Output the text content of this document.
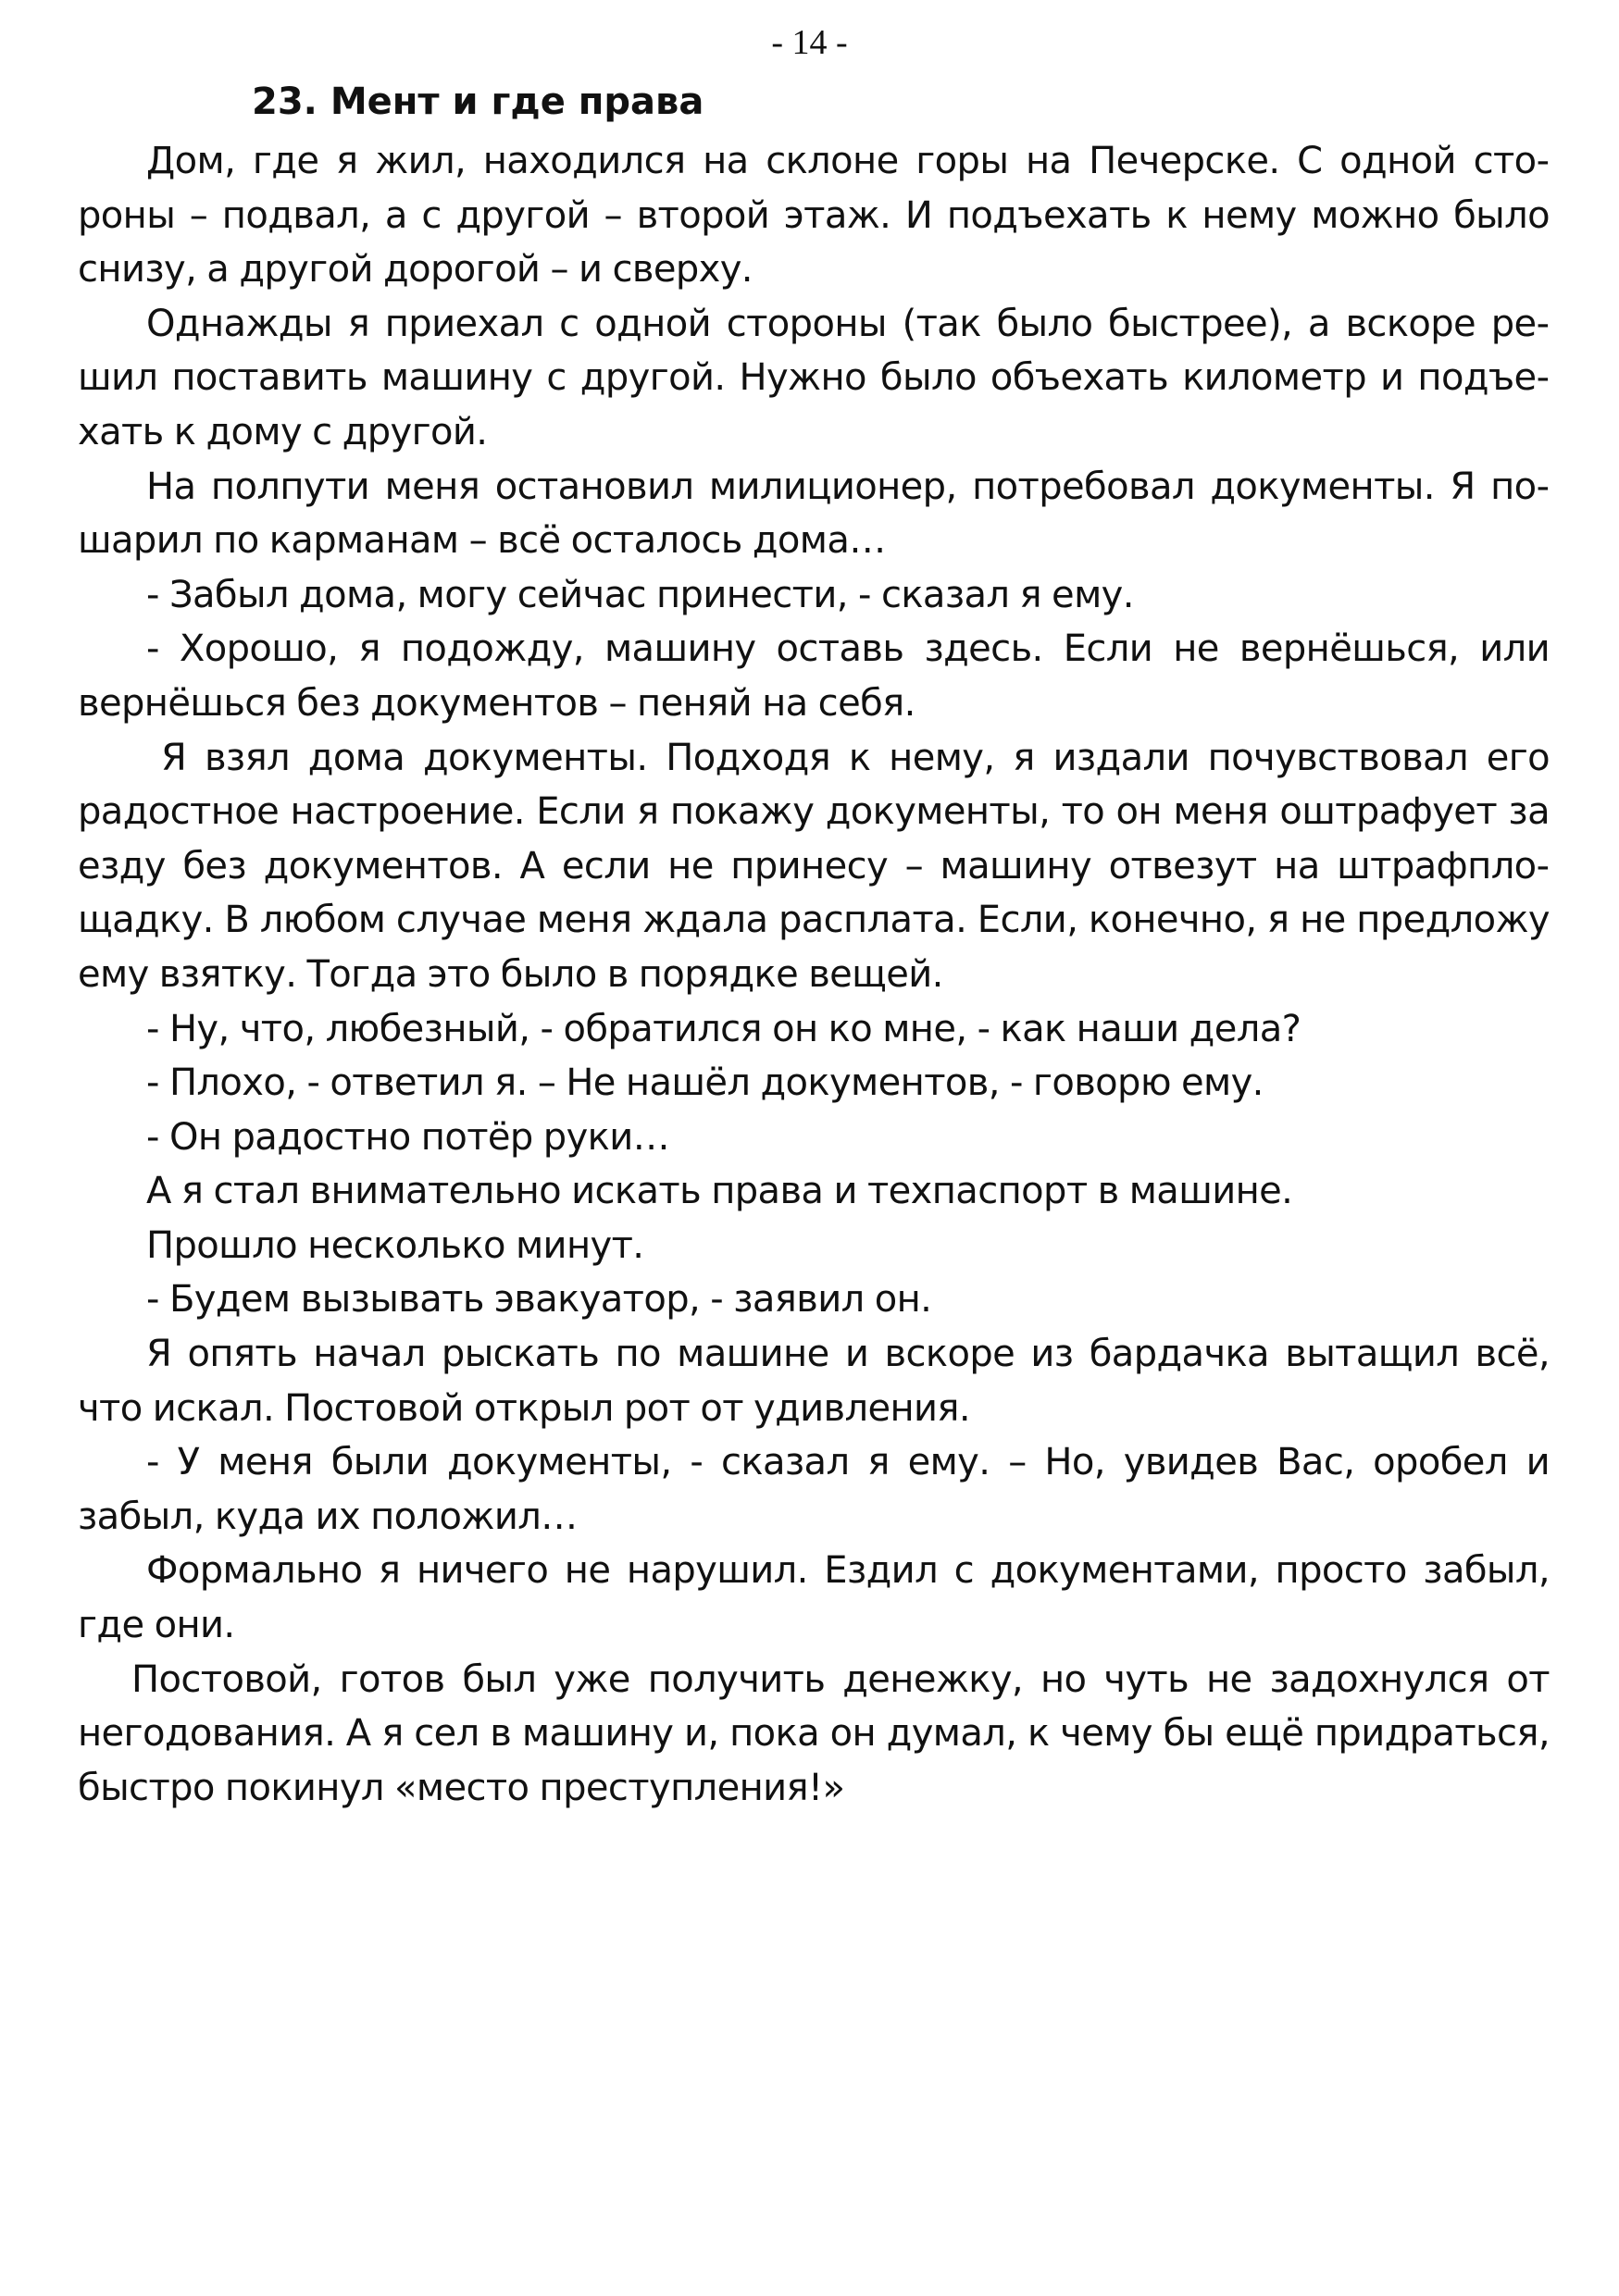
- 14 -
23. Мент и где права

Дом, где я жил, находился на склоне горы на Печерске. С одной стороны – подвал, а с другой – второй этаж. И подъехать к нему можно было снизу, а другой дорогой – и сверху.

Однажды я приехал с одной стороны (так было быстрее), а вскоре решил поставить машину с другой. Нужно было объехать километр и подъехать к дому с другой.

На полпути меня остановил милиционер, потребовал документы. Я пошарил по карманам – всё осталось дома…

- Забыл дома, могу сейчас принести, - сказал я ему.

- Хорошо, я подожду, машину оставь здесь. Если не вернёшься, или вернёшься без документов – пеняй на себя.

Я взял дома документы. Подходя к нему, я издали почувствовал его радостное настроение. Если я покажу документы, то он меня оштрафует за езду без документов. А если не принесу – машину отвезут на штрафплощадку. В любом случае меня ждала расплата. Если, конечно, я не предложу ему взятку. Тогда это было в порядке вещей.

- Ну, что, любезный, - обратился он ко мне, - как наши дела?

- Плохо, - ответил я. – Не нашёл документов, - говорю ему.

- Он радостно потёр руки…

А я стал внимательно искать права и техпаспорт в машине.

Прошло несколько минут.

- Будем вызывать эвакуатор, - заявил он.

Я опять начал рыскать по машине и вскоре из бардачка вытащил всё, что искал. Постовой открыл рот от удивления.

- У меня были документы, - сказал я ему. – Но, увидев Вас, оробел и забыл, куда их положил…

Формально я ничего не нарушил. Ездил с документами, просто забыл, где они.

Постовой, готов был уже получить денежку, но чуть не задохнулся от негодования. А я сел в машину и, пока он думал, к чему бы ещё придраться, быстро покинул «место преступления!»
